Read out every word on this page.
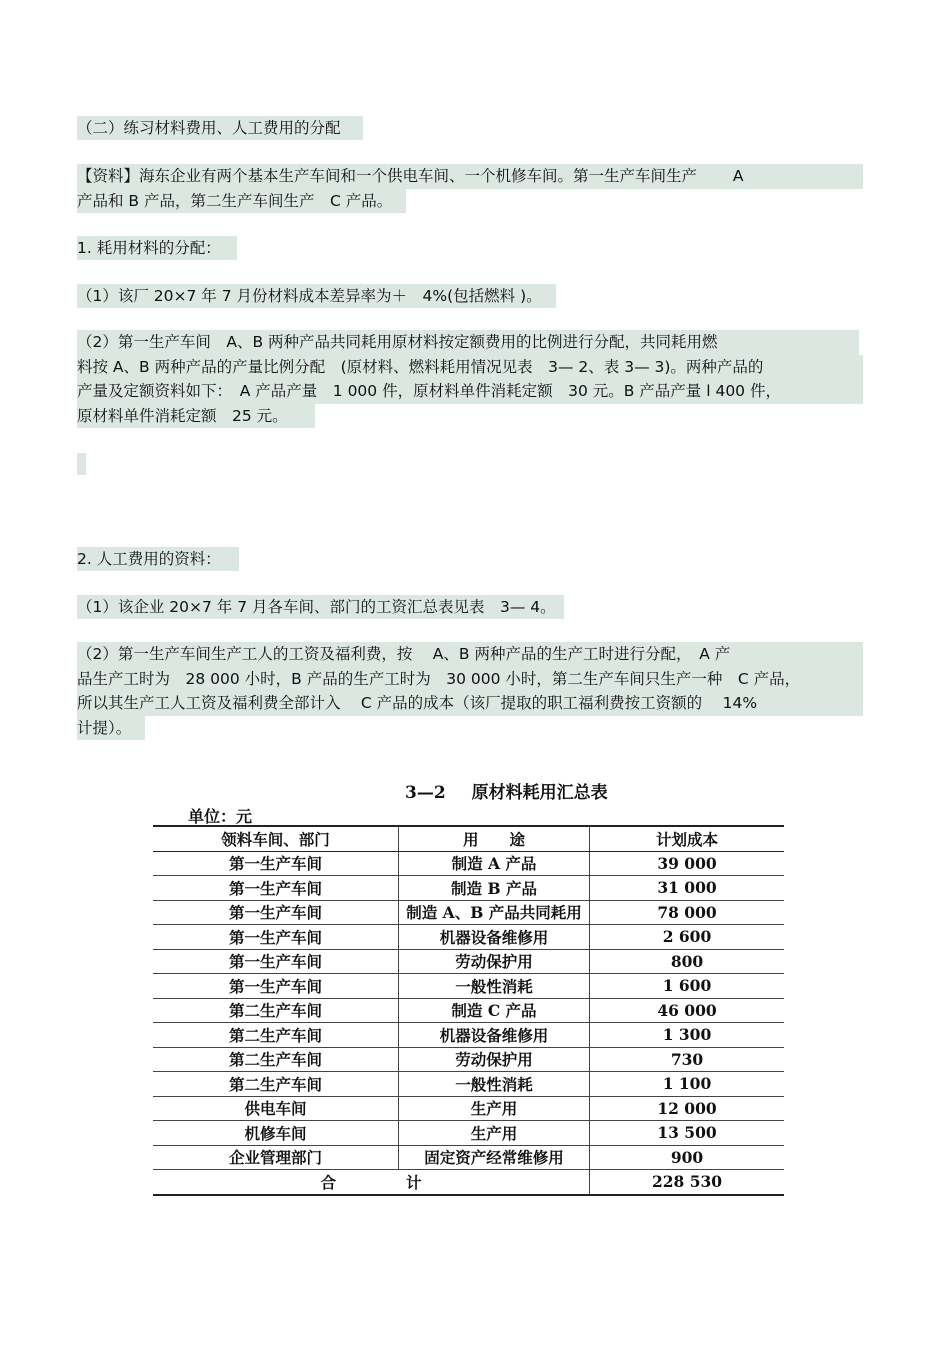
（二）练习材料费用、人工费用的分配
【资料】海东企业有两个基本生产车间和一个供电车间、一个机修车间。第一生产车间生产　　 A
产品和 B 产品，第二生产车间生产　C 产品。
1. 耗用材料的分配：
（1）该厂 20×7 年 7 月份材料成本差异率为＋　4%(包括燃料 )。
（2）第一生产车间　A、B 两种产品共同耗用原材料按定额费用的比例进行分配，共同耗用燃
料按 A、B 两种产品的产量比例分配　(原材料、燃料耗用情况见表　3— 2、表 3— 3)。两种产品的
产量及定额资料如下：　A 产品产量　1 000 件，原材料单件消耗定额　30 元。B 产品产量 l 400 件，
原材料单件消耗定额　25 元。
2. 人工费用的资料：
（1）该企业 20×7 年 7 月各车间、部门的工资汇总表见表　3— 4。
（2）第一生产车间生产工人的工资及福利费，按　 A、B 两种产品的生产工时进行分配，　A 产
品生产工时为　28 000 小时，B 产品的生产工时为　30 000 小时，第二生产车间只生产一种　C 产品，
所以其生产工人工资及福利费全部计入　 C 产品的成本（该厂提取的职工福利费按工资额的　 14%
计提）。
3—2 原材料耗用汇总表
单位：元
领料车间、部门	用　　途	计划成本
第一生产车间	制造 A 产品	39 000
第一生产车间	制造 B 产品	31 000
第一生产车间	制造 A、B 产品共同耗用	78 000
第一生产车间	机器设备维修用	2 600
第一生产车间	劳动保护用	800
第一生产车间	一般性消耗	1 600
第二生产车间	制造 C 产品	46 000
第二生产车间	机器设备维修用	1 300
第二生产车间	劳动保护用	730
第二生产车间	一般性消耗	1 100
供电车间	生产用	12 000
机修车间	生产用	13 500
企业管理部门	固定资产经常维修用	900
合 计		228 530
